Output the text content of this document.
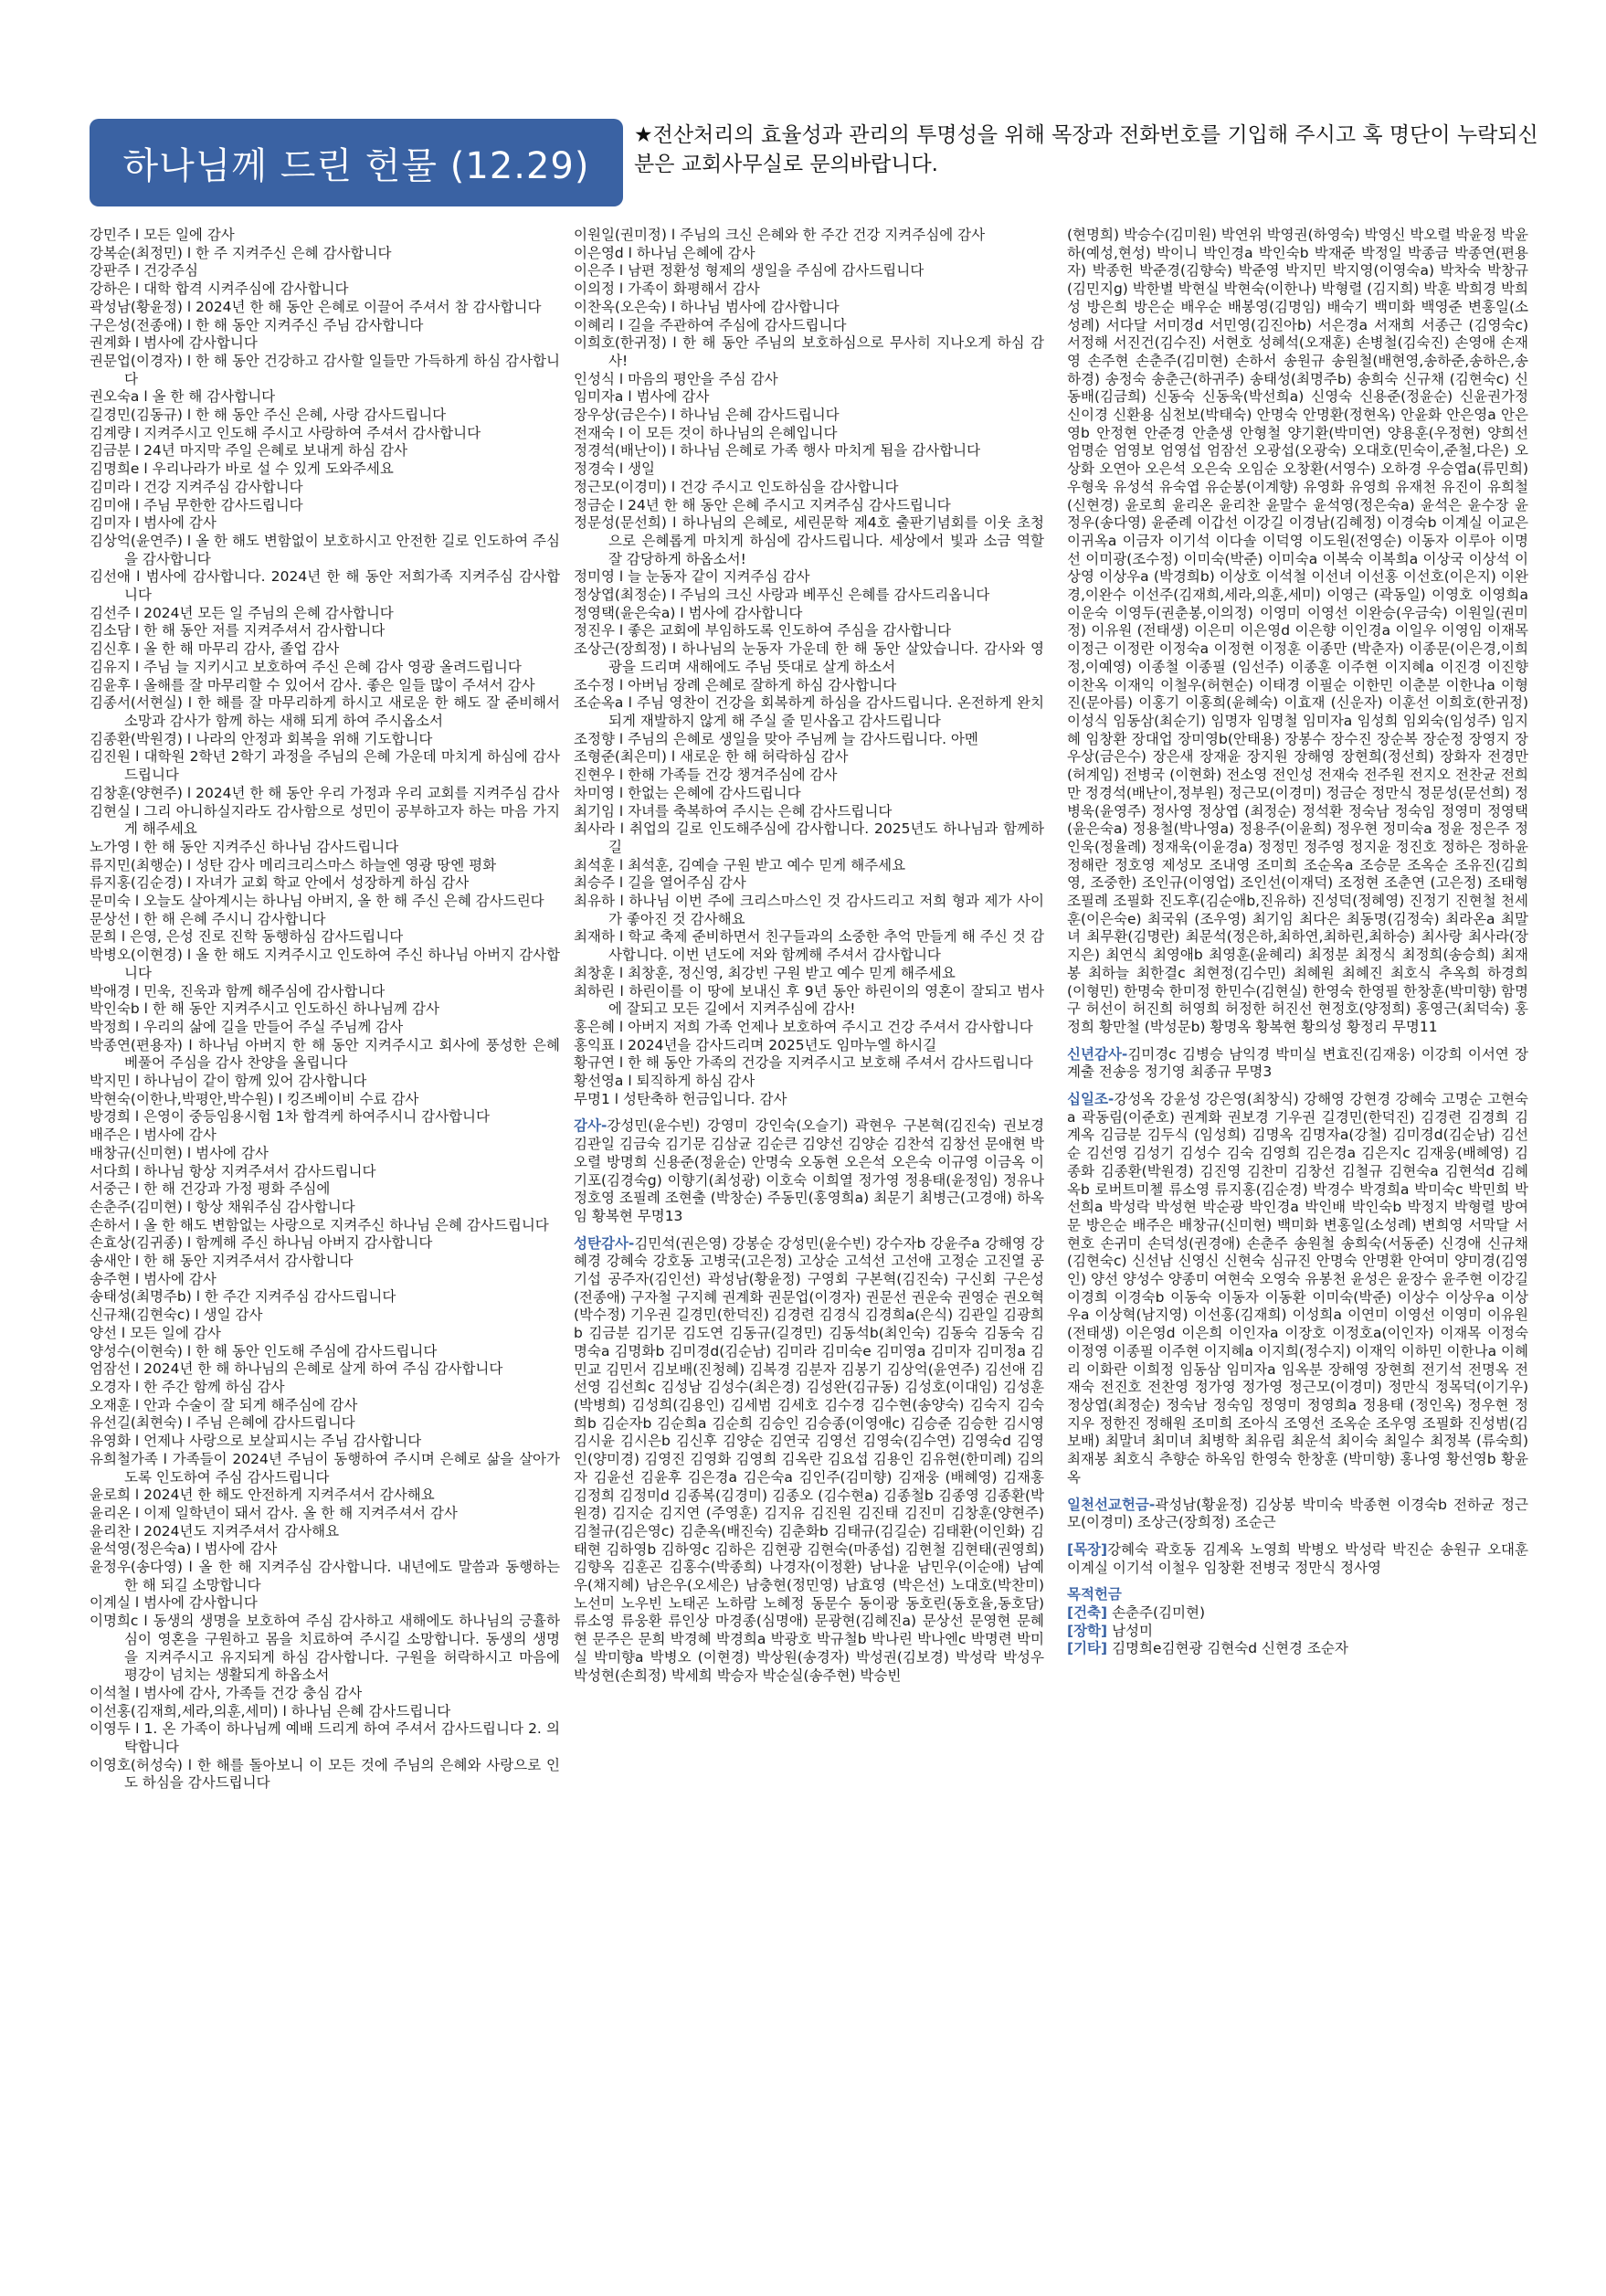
하나님께 드린 헌물 (12.29)
★전산처리의 효율성과 관리의 투명성을 위해 목장과 전화번호를 기입해 주시고 혹 명단이 누락되신 분은 교회사무실로 문의바랍니다.
강민주 l 모든 일에 감사
강복순(최정민) l 한 주 지켜주신 은혜 감사합니다
강판주 l 건강주심
강하은 l 대학 합격 시켜주심에 감사합니다
곽성남(황윤정) l 2024년 한 해 동안 은혜로 이끌어 주셔서 참 감사합니다
구은성(전종애) l 한 해 동안 지켜주신 주님 감사합니다
권계화 l 범사에 감사합니다
권문업(이경자) l 한 해 동안 건강하고 감사할 일들만 가득하게 하심 감사합니다
권오숙a l 올 한 해 감사합니다
길경민(김동규) l 한 해 동안 주신 은혜, 사랑 감사드립니다
김계량 l 지켜주시고 인도해 주시고 사랑하여 주셔서 감사합니다
김금분 l 24년 마지막 주일 은혜로 보내게 하심 감사
김명희e l 우리나라가 바로 설 수 있게 도와주세요
김미라 l 건강 지켜주심 감사합니다
김미애 l 주님 무한한 감사드립니다
김미자 l 범사에 감사
김상억(윤연주) l 올 한 해도 변함없이 보호하시고 안전한 길로 인도하여 주심을 감사합니다
김선애 l 범사에 감사합니다. 2024년 한 해 동안 저희가족 지켜주심 감사합니다
김선주 l 2024년 모든 일 주님의 은혜 감사합니다
김소담 l 한 해 동안 저를 지켜주셔서 감사합니다
김신후 l 올 한 해 마무리 감사, 졸업 감사
김유지 l 주님 늘 지키시고 보호하여 주신 은혜 감사 영광 올려드립니다
김윤후 l 올해를 잘 마무리할 수 있어서 감사. 좋은 일들 많이 주셔서 감사
김종서(서현실) l 한 해를 잘 마무리하게 하시고 새로운 한 해도 잘 준비해서 소망과 감사가 함께 하는 새해 되게 하여 주시옵소서
김종환(박원경) l 나라의 안정과 회복을 위해 기도합니다
김진원 l 대학원 2학년 2학기 과정을 주님의 은혜 가운데 마치게 하심에 감사드립니다
김창훈(양현주) l 2024년 한 해 동안 우리 가정과 우리 교회를 지켜주심 감사
김현실 l 그리 아니하실지라도 감사함으로 성민이 공부하고자 하는 마음 가지게 해주세요
노가영 l 한 해 동안 지켜주신 하나님 감사드립니다
류지민(최행순) l 성탄 감사 메리크리스마스 하늘엔 영광 땅엔 평화
류지홍(김순경) l 자녀가 교회 학교 안에서 성장하게 하심 감사
문미숙 l 오늘도 살아계시는 하나님 아버지, 올 한 해 주신 은혜 감사드린다
문상선 l 한 해 은혜 주시니 감사합니다
문희 l 은영, 은성 진로 진학 동행하심 감사드립니다
박병오(이현경) l 올 한 해도 지켜주시고 인도하여 주신 하나님 아버지 감사합니다
박애경 l 민욱, 진욱과 함께 해주심에 감사합니다
박인숙b l 한 해 동안 지켜주시고 인도하신 하나님께 감사
박정희 l 우리의 삶에 길을 만들어 주실 주님께 감사
박종연(편용자) l 하나님 아버지 한 해 동안 지켜주시고 회사에 풍성한 은혜 베풀어 주심을 감사 찬양을 올립니다
박지민 l 하나님이 같이 함께 있어 감사합니다
박현숙(이한나,박평안,박수원) l 킹즈베이비 수료 감사
방경희 l 은영이 중등임용시험 1차 합격케 하여주시니 감사합니다
배주은 l 범사에 감사
배창규(신미현) l 범사에 감사
서다희 l 하나님 항상 지켜주셔서 감사드립니다
서중근 l 한 해 건강과 가정 평화 주심에
손춘주(김미현) l 항상 채워주심 감사합니다
손하서 l 올 한 해도 변함없는 사랑으로 지켜주신 하나님 은혜 감사드립니다
손효상(김귀종) l 함께해 주신 하나님 아버지 감사합니다
송새안 l 한 해 동안 지켜주셔서 감사합니다
송주현 l 범사에 감사
송태성(최명주b) l 한 주간 지켜주심 감사드립니다
신규채(김현숙c) l 생일 감사
양선 l 모든 일에 감사
양성수(이현숙) l 한 해 동안 인도해 주심에 감사드립니다
엄잠선 l 2024년 한 해 하나님의 은혜로 살게 하여 주심 감사합니다
오경자 l 한 주간 함께 하심 감사
오재훈 l 안과 수술이 잘 되게 해주심에 감사
유선길(최현숙) l 주님 은혜에 감사드립니다
유영화 l 언제나 사랑으로 보살피시는 주님 감사합니다
유희철가족 l 가족들이 2024년 주님이 동행하여 주시며 은혜로 삶을 살아가도록 인도하여 주심 감사드립니다
윤로희 l 2024년 한 해도 안전하게 지켜주셔서 감사해요
윤리온 l 이제 일학년이 돼서 감사. 올 한 해 지켜주셔서 감사
윤리찬 l 2024년도 지켜주셔서 감사해요
윤석영(정은숙a) l 범사에 감사
윤정우(송다영) l 올 한 해 지켜주심 감사합니다. 내년에도 말씀과 동행하는 한 해 되길 소망합니다
이계실 l 범사에 감사합니다
이명희c l 동생의 생명을 보호하여 주심 감사하고 새해에도 하나님의 긍휼하심이 영혼을 구원하고 몸을 치료하여 주시길 소망합니다. 동생의 생명을 지켜주시고 유지되게 하심 감사합니다. 구원을 허락하시고 마음에 평강이 넘치는 생활되게 하옵소서
이석철 l 범사에 감사, 가족들 건강 충심 감사
이선홍(김재희,세라,의훈,세미) l 하나님 은혜 감사드립니다
이영두 l 1. 온 가족이 하나님께 예배 드리게 하여 주셔서 감사드립니다 2. 의탁합니다
이영호(허성숙) l 한 해를 돌아보니 이 모든 것에 주님의 은혜와 사랑으로 인도 하심을 감사드립니다
이원일(권미정) l 주님의 크신 은혜와 한 주간 건강 지켜주심에 감사
이은영d l 하나님 은혜에 감사
이은주 l 남편 정환성 형제의 생일을 주심에 감사드립니다
이의정 l 가족이 화평해서 감사
이찬옥(오은숙) l 하나님 범사에 감사합니다
이혜리 l 길을 주관하여 주심에 감사드립니다
이희호(한귀정) l 한 해 동안 주님의 보호하심으로 무사히 지나오게 하심 감사!
인성식 l 마음의 평안을 주심 감사
임미자a l 범사에 감사
장우상(금은수) l 하나님 은혜 감사드립니다
전재숙 l 이 모든 것이 하나님의 은혜입니다
정경석(배난이) l 하나님 은혜로 가족 행사 마치게 됨을 감사합니다
정경숙 l 생일
정근모(이경미) l 건강 주시고 인도하심을 감사합니다
정금순 l 24년 한 해 동안 은혜 주시고 지켜주심 감사드립니다
정문성(문선희) l 하나님의 은혜로, 세린문학 제4호 출판기념회를 이웃 초청으로 은혜롭게 마치게 하심에 감사드립니다. 세상에서 빛과 소금 역할 잘 감당하게 하옵소서!
정미영 l 늘 눈동자 같이 지켜주심 감사
정상엽(최정순) l 주님의 크신 사랑과 베푸신 은혜를 감사드리옵니다
정영택(윤은숙a) l 범사에 감사합니다
정진우 l 좋은 교회에 부임하도록 인도하여 주심을 감사합니다
조상근(장희정) l 하나님의 눈동자 가운데 한 해 동안 살았습니다. 감사와 영광을 드리며 새해에도 주님 뜻대로 살게 하소서
조수정 l 아버님 장례 은혜로 잘하게 하심 감사합니다
조순옥a l 주님 영찬이 건강을 회복하게 하심을 감사드립니다. 온전하게 완치되게 재발하지 않게 해 주실 줄 믿사옵고 감사드립니다
조정향 l 주님의 은혜로 생일을 맞아 주님께 늘 감사드립니다. 아멘
조형준(최은미) l 새로운 한 해 허락하심 감사
진현우 l 한해 가족들 건강 챙겨주심에 감사
차미영 l 한없는 은혜에 감사드립니다
최기임 l 자녀를 축복하여 주시는 은혜 감사드립니다
최사라 l 취업의 길로 인도해주심에 감사합니다. 2025년도 하나님과 함께하길
최석훈 l 최석훈, 김예슬 구원 받고 예수 믿게 해주세요
최승주 l 길을 열어주심 감사
최유하 l 하나님 이번 주에 크리스마스인 것 감사드리고 저희 형과 제가 사이가 좋아진 것 감사해요
최재하 l 학교 축제 준비하면서 친구들과의 소중한 추억 만들게 해 주신 것 감사합니다. 이번 년도에 저와 함께해 주셔서 감사합니다
최창훈 l 최창훈, 정신영, 최강빈 구원 받고 예수 믿게 해주세요
최하린 l 하린이를 이 땅에 보내신 후 9년 동안 하린이의 영혼이 잘되고 범사에 잘되고 모든 길에서 지켜주심에 감사!
홍은혜 l 아버지 저희 가족 언제나 보호하여 주시고 건강 주셔서 감사합니다
홍익표 l 2024년을 감사드리며 2025년도 임마누엘 하시길
황규연 l 한 해 동안 가족의 건강을 지켜주시고 보호해 주셔서 감사드립니다
황선영a l 퇴직하게 하심 감사
무명1 l 성탄축하 헌금입니다. 감사
감사-강성민(윤수빈) 강영미 강인숙(오슬기) 곽현우 구본혁(김진숙) 권보경 김관일 김금숙 김기문 김삼균 김순큰 김양선 김양순 김찬석 김창선 문애현 박오렬 방명희 신용준(정윤순) 안명숙 오동현 오은석 오은숙 이규영 이금옥 이기포(김경숙g) 이향기(최성광) 이호숙 이희열 정가영 정용태(윤정임) 정유나 정호영 조필례 조현출 (박창순) 주동민(홍영희a) 최문기 최병근(고경애) 하옥임 황복현 무명13
성탄감사-김민석(권은영) 강봉순 강성민(윤수빈) 강수자b 강윤주a 강해영 강혜경 강혜숙 강호동 고병국(고은정) 고상순 고석선 고선애 고정순 고진열 공기섭 공주자(김인선) 곽성남(황윤정) 구영회 구본혁(김진숙) 구신회 구은성(전종애) 구자철 구지혜 권계화 권문업(이경자) 권문선 권운숙 권영순 권오혁(박수정) 기우권 길경민(한덕진) 김경련 김경식 김경희a(은식) 김관일 김광희b 김금분 김기문 김도연 김동규(길경민) 김동석b(최인숙) 김동숙 김동숙 김명숙a 김명화b 김미경d(김순남) 김미라 김미숙e 김미영a 김미자 김미정a 김민교 김민서 김보배(진청혜) 김복경 김분자 김봉기 김상억(윤연주) 김선애 김선영 김선희c 김성남 김성수(최은경) 김성완(김규동) 김성호(이대임) 김성훈(박병희) 김성희(김용인) 김세범 김세호 김수경 김수현(송양숙) 김숙지 김숙희b 김순자b 김순희a 김순희 김승인 김승종(이영애c) 김승준 김승한 김시영 김시윤 김시은b 김신후 김양순 김연국 김영선 김영숙(김수연) 김영숙d 김영인(양미경) 김영진 김영화 김영희 김옥란 김요섭 김용인 김유현(한미례) 김의자 김윤선 김윤후 김은경a 김은숙a 김인주(김미향) 김재웅 (배혜영) 김재홍 김정희 김정미d 김종복(김경미) 김종오 (김수현a) 김종철b 김종영 김종환(박원경) 김지순 김지연 (주영훈) 김지유 김진원 김진태 김진미 김창훈(양현주) 김철규(김은영c) 김춘옥(배진숙) 김춘화b 김태규(김길순) 김태환(이인화) 김태현 김하영b 김하영c 김하은 김현광 김현숙(마종섭) 김현철 김현태(권영희) 김향옥 김훈곤 김홍수(박종희) 나경자(이정환) 남나윤 남민우(이순애) 남예우(채지혜) 남은우(오세은) 남충현(정민영) 남효영 (박은선) 노대호(박찬미) 노선미 노우빈 노태곤 노하람 노혜정 동문수 동이광 동호린(동호율,동호담) 류소영 류웅환 류인상 마경종(심명애) 문광현(김혜진a) 문상선 문영현 문혜현 문주은 문희 박경혜 박경희a 박광호 박규철b 박나린 박나엔c 박명련 박미실 박미향a 박병오 (이현경) 박상원(송경자) 박성권(김보경) 박성락 박성우 박성현(손희정) 박세희 박승자 박순실(송주현) 박승빈
(현명희) 박승수(김미원) 박연위 박영권(하영숙) 박영신 박오렬 박윤정 박윤하(예성,현성) 박이니 박인경a 박인숙b 박재준 박정일 박종금 박종연(편용자) 박종헌 박준경(김향숙) 박준영 박지민 박지영(이영숙a) 박차숙 박창규(김민지g) 박한별 박현실 박현숙(이한나) 박형렬 (김지희) 박훈 박희경 박희성 방은희 방은순 배우순 배봉영(김명임) 배숙기 백미화 백영준 변홍일(소성례) 서다달 서미경d 서민영(김진아b) 서은경a 서재희 서종근 (김영숙c) 서정해 서진건(김수진) 서현호 성혜석(오재훈) 손병철(김숙진) 손영애 손재영 손주현 손춘주(김미현) 손하서 송원규 송원철(배현영,송하준,송하은,송하경) 송정숙 송춘근(하귀주) 송태성(최명주b) 송희숙 신규채 (김현숙c) 신동배(김금희) 신동숙 신동욱(박선희a) 신영숙 신용준(정윤순) 신윤권가정 신이경 신환용 심천보(박태숙) 안명숙 안명환(정현옥) 안윤화 안은영a 안은영b 안정현 안준경 안춘생 안형철 양기환(박미연) 양용훈(우정현) 양희선 엄명순 엄영보 엄영섭 엄잠선 오광섭(오광숙) 오대호(민숙이,준철,다은) 오상화 오연아 오은석 오은숙 오임순 오창환(서영수) 오하경 우승엽a(류민희) 우형욱 유성석 유숙엽 유순봉(이계향) 유영화 유영희 유재천 유진이 유희철(신현경) 윤로희 윤리온 윤리찬 윤말수 윤석영(정은숙a) 윤석은 윤수장 윤정우(송다영) 윤준례 이갑선 이강길 이경남(김혜정) 이경숙b 이계실 이교은 이귀옥a 이금자 이기석 이다솔 이덕영 이도원(전영순) 이동자 이루아 이명선 이미광(조수정) 이미숙(박준) 이미숙a 이복숙 이복희a 이상국 이상석 이상영 이상우a (박경희b) 이상호 이석철 이선녀 이선홍 이선호(이은지) 이완경,이완수 이선주(김재희,세라,의훈,세미) 이영근 (곽동일) 이영호 이영희a 이운숙 이영두(권춘봉,이의정) 이영미 이영선 이완승(우금숙) 이원일(권미정) 이유원 (전태생) 이은미 이은영d 이은향 이인경a 이일우 이영임 이재목 이정근 이정란 이정숙a 이정현 이정훈 이종만 (박춘자) 이종문(이은경,이희정,이예영) 이종철 이종필 (임선주) 이종훈 이주현 이지혜a 이진경 이진향 이찬옥 이재익 이철우(허현순) 이태경 이필순 이한민 이춘분 이한나a 이형진(문아름) 이홍기 이홍희(윤혜숙) 이효재 (신운자) 이훈선 이희호(한귀정) 이성식 임동삼(최순기) 임명자 임명철 임미자a 임성희 임외숙(임성주) 임지혜 임창환 장대업 장미영b(안태용) 장봉수 장수진 장순복 장순정 장영지 장우상(금은수) 장은새 장재윤 장지원 장해영 장현희(정선희) 장화자 전경만(허계임) 전병국 (이현화) 전소영 전인성 전재숙 전주원 전지오 전찬균 전희만 정경석(배난이,정부원) 정근모(이경미) 정금순 정만식 정문성(문선희) 정병욱(윤영주) 정사영 정상엽 (최정순) 정석환 정숙남 정숙임 정영미 정영택(윤은숙a) 정용철(박나영a) 정용주(이윤희) 정우현 정미숙a 정윤 정은주 정인욱(정율례) 정재욱(이윤경a) 정정민 정주영 정지윤 정진호 정하은 정하윤 정해란 정호영 제성모 조내영 조미희 조순옥a 조승문 조옥순 조유진(김희영, 조중한) 조인규(이영업) 조인선(이재덕) 조정현 조춘연 (고은정) 조태형 조필례 조필화 진도후(김순애b,진유하) 진성덕(정혜영) 진정기 진현철 천세훈(이은숙e) 최국워 (조우영) 최기임 최다은 최동명(김정숙) 최라온a 최말녀 최무환(김명란) 최문석(정은하,최하연,최하린,최하승) 최사랑 최사라(장지은) 최연식 최영애b 최영훈(윤혜리) 최정분 최정식 최정희(송승희) 최재봉 최하늘 최한결c 최현정(김수민) 최혜원 최혜진 최호식 추옥희 하경희 (이형민) 한명숙 한미정 한민수(김현실) 한영숙 한영필 한창훈(박미향) 함명구 허선이 허진희 허영희 허정한 허진선 현정호(양정희) 홍영근(최덕숙) 홍정희 황만철 (박성문b) 황명옥 황복현 황의성 황정리 무명11
신년감사-김미경c 김병승 남익경 박미실 변효진(김재웅) 이강희 이서연 장계출 전송응 정기영 최종규 무명3
십일조-강성옥 강윤성 강은영(최창식) 강해영 강현경 강혜숙 고명순 고현숙a 곽동림(이준호) 권계화 권보경 기우권 길경민(한덕진) 김경련 김경희 김계옥 김금분 김두식 (임성희) 김명옥 김명자a(강철) 김미경d(김순남) 김선순 김선영 김성기 김성수 김숙 김영희 김은경a 김은지c 김재웅(배혜영) 김종화 김종환(박원경) 김진영 김찬미 김창선 김철규 김현숙a 김현석d 김혜옥b 로버트미첼 류소영 류지홍(김순경) 박경수 박경희a 박미숙c 박민희 박선희a 박성락 박성현 박순광 박인경a 박인배 박인숙b 박정지 박형렬 방여문 방은순 배주은 배창규(신미현) 백미화 변홍일(소성례) 변희영 서막달 서현호 손귀미 손덕성(권경애) 손춘주 송원철 송희숙(서동준) 신경애 신규채(김현숙c) 신선남 신영신 신현숙 심규진 안명숙 안명환 안여미 양미경(김영인) 양선 양성수 양종미 여현숙 오영숙 유봉천 윤성은 윤장수 윤주현 이강길 이경희 이경숙b 이동숙 이동자 이동환 이미숙(박준) 이상수 이상우a 이상우a 이상혁(남지영) 이선홍(김재희) 이성희a 이연미 이영선 이영미 이유원(전태생) 이은영d 이은희 이인자a 이장호 이정호a(이인자) 이재목 이정숙 이정영 이종필 이주현 이지혜a 이지희(정수지) 이재익 이하민 이한나a 이혜리 이화란 이희정 임동삼 임미자a 임옥분 장해영 장현희 전기석 전명옥 전재숙 전진호 전찬영 정가영 정가영 정근모(이경미) 정만식 정목덕(이기우) 정상엽(최정순) 정숙남 정숙임 정영미 정영희a 정용태 (정인옥) 정우현 정지우 정한진 정해원 조미희 조아식 조영선 조옥순 조우영 조필화 진성범(김보배) 최말녀 최미녀 최병학 최유림 최운석 최이숙 최일수 최정복 (류숙희) 최재봉 최호식 추향순 하옥임 한영숙 한창훈 (박미향) 홍나영 황선영b 황윤옥
일천선교헌금-곽성남(황윤정) 김상봉 박미숙 박종현 이경숙b 전하균 정근모(이경미) 조상근(장희정) 조순근
[목장]강혜숙 곽호동 김계옥 노영희 박병오 박성락 박진순 송원규 오대훈 이계실 이기석 이철우 임창환 전병국 정만식 정사영
목적헌금
[건축] 손춘주(김미현)
[장학] 남성미
[기타] 김명희e김현광 김현숙d 신현경 조순자
